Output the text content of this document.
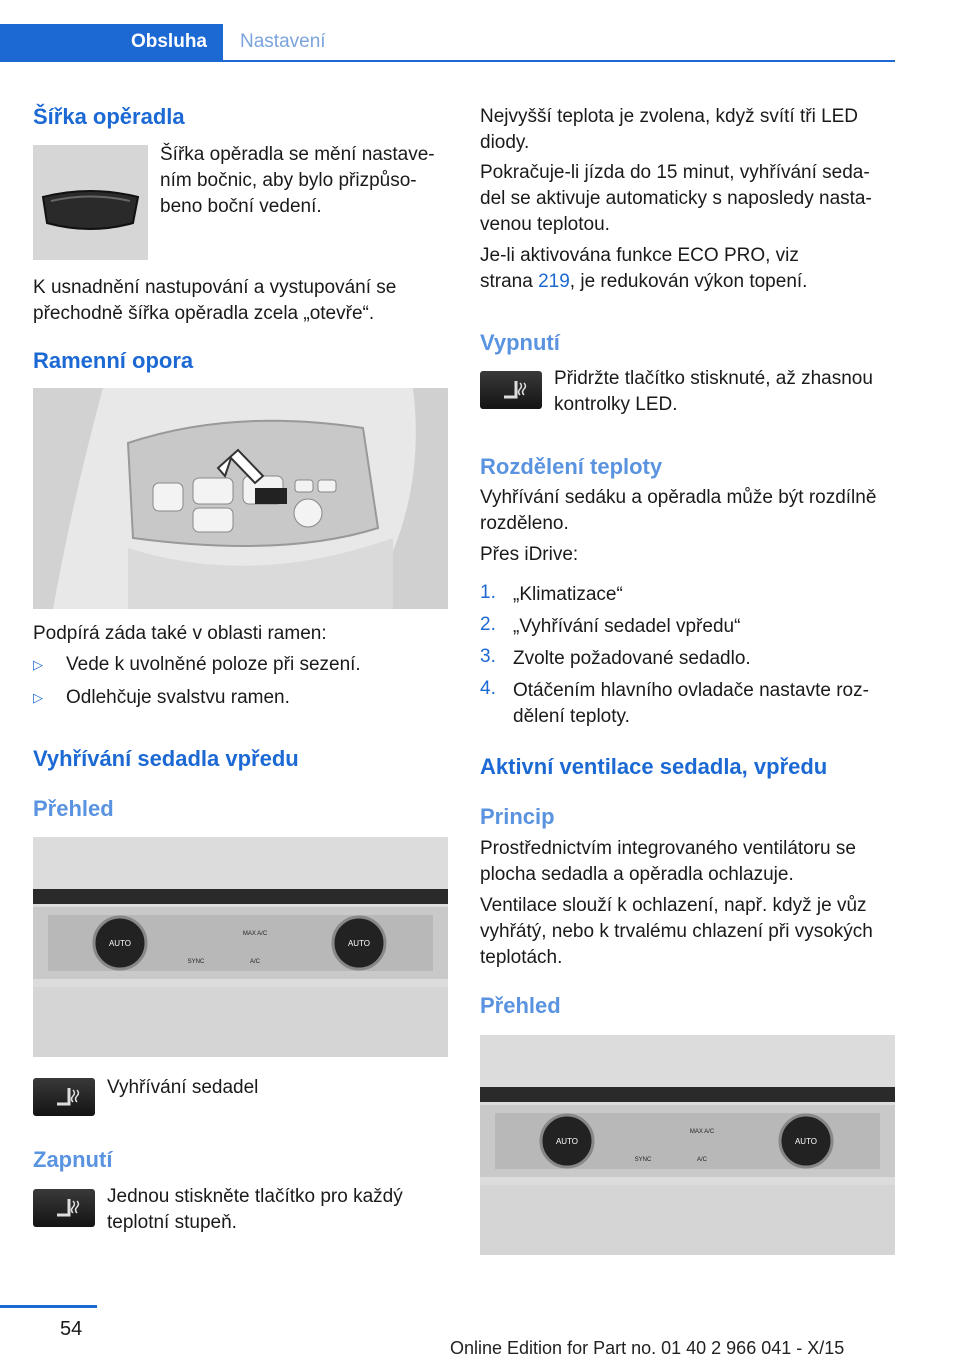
Obsluha	Nastavení
Šířka opěradla
Šířka opěradla se mění nastave-
ním bočnic, aby bylo přizpůso-
beno boční vedení.
K usnadnění nastupování a vystupování se
přechodně šířka opěradla zcela „otevře“.
Ramenní opora
Podpírá záda také v oblasti ramen:
▷ Vede k uvolněné poloze při sezení.
▷ Odlehčuje svalstvu ramen.
Vyhřívání sedadla vpředu
Přehled
AUTO	AUTO
MAX A/C
SYNC	A/C
Vyhřívání sedadel
Zapnutí
Jednou stiskněte tlačítko pro každý
teplotní stupeň.
Nejvyšší teplota je zvolena, když svítí tři LED
diody.
Pokračuje-li jízda do 15 minut, vyhřívání seda-
del se aktivuje automaticky s naposledy nasta-
venou teplotou.
Je-li aktivována funkce ECO PRO, viz
strana 219, je redukován výkon topení.
Vypnutí
Přidržte tlačítko stisknuté, až zhasnou
kontrolky LED.
Rozdělení teploty
Vyhřívání sedáku a opěradla může být rozdílně
rozděleno.
Přes iDrive:
1. „Klimatizace“
2. „Vyhřívání sedadel vpředu“
3. Zvolte požadované sedadlo.
4. Otáčením hlavního ovladače nastavte roz-
dělení teploty.
Aktivní ventilace sedadla, vpředu
Princip
Prostřednictvím integrovaného ventilátoru se
plocha sedadla a opěradla ochlazuje.
Ventilace slouží k ochlazení, např. když je vůz
vyhřátý, nebo k trvalému chlazení při vysokých
teplotách.
Přehled
AUTO	AUTO
MAX A/C
SYNC	A/C
54
Online Edition for Part no. 01 40 2 966 041 - X/15
